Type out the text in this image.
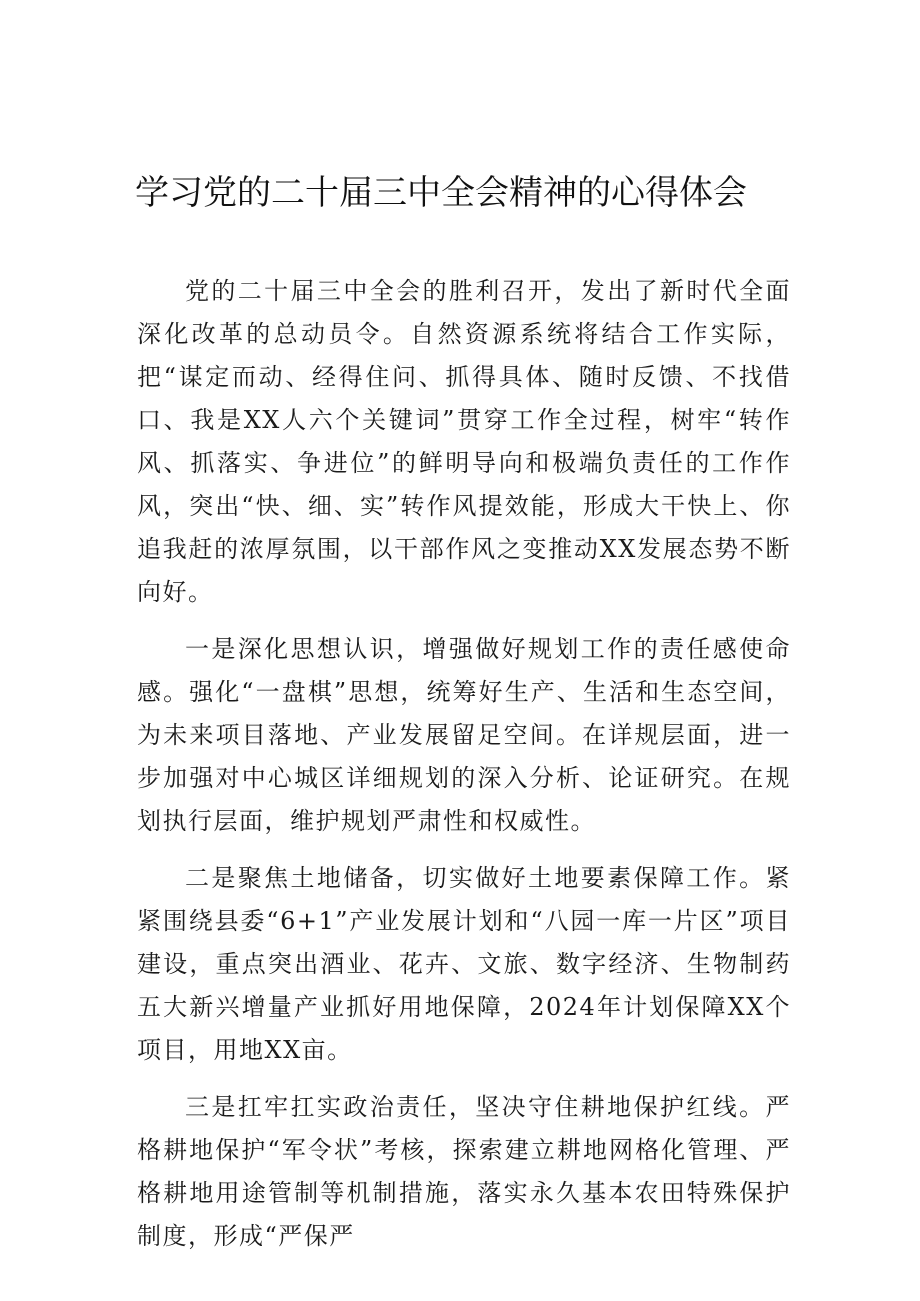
学习党的二十届三中全会精神的心得体会

党的二十届三中全会的胜利召开，发出了新时代全面深化改革的总动员令。自然资源系统将结合工作实际，把“谋定而动、经得住问、抓得具体、随时反馈、不找借口、我是XX人六个关键词”贯穿工作全过程，树牢“转作风、抓落实、争进位”的鲜明导向和极端负责任的工作作风，突出“快、细、实”转作风提效能，形成大干快上、你追我赶的浓厚氛围，以干部作风之变推动XX发展态势不断向好。

一是深化思想认识，增强做好规划工作的责任感使命感。强化“一盘棋”思想，统筹好生产、生活和生态空间，为未来项目落地、产业发展留足空间。在详规层面，进一步加强对中心城区详细规划的深入分析、论证研究。在规划执行层面，维护规划严肃性和权威性。

二是聚焦土地储备，切实做好土地要素保障工作。紧紧围绕县委“6+1”产业发展计划和“八园一库一片区”项目建设，重点突出酒业、花卉、文旅、数字经济、生物制药五大新兴增量产业抓好用地保障，2024年计划保障XX个项目，用地XX亩。

三是扛牢扛实政治责任，坚决守住耕地保护红线。严格耕地保护“军令状”考核，探索建立耕地网格化管理、严格耕地用途管制等机制措施，落实永久基本农田特殊保护制度，形成“严保严
